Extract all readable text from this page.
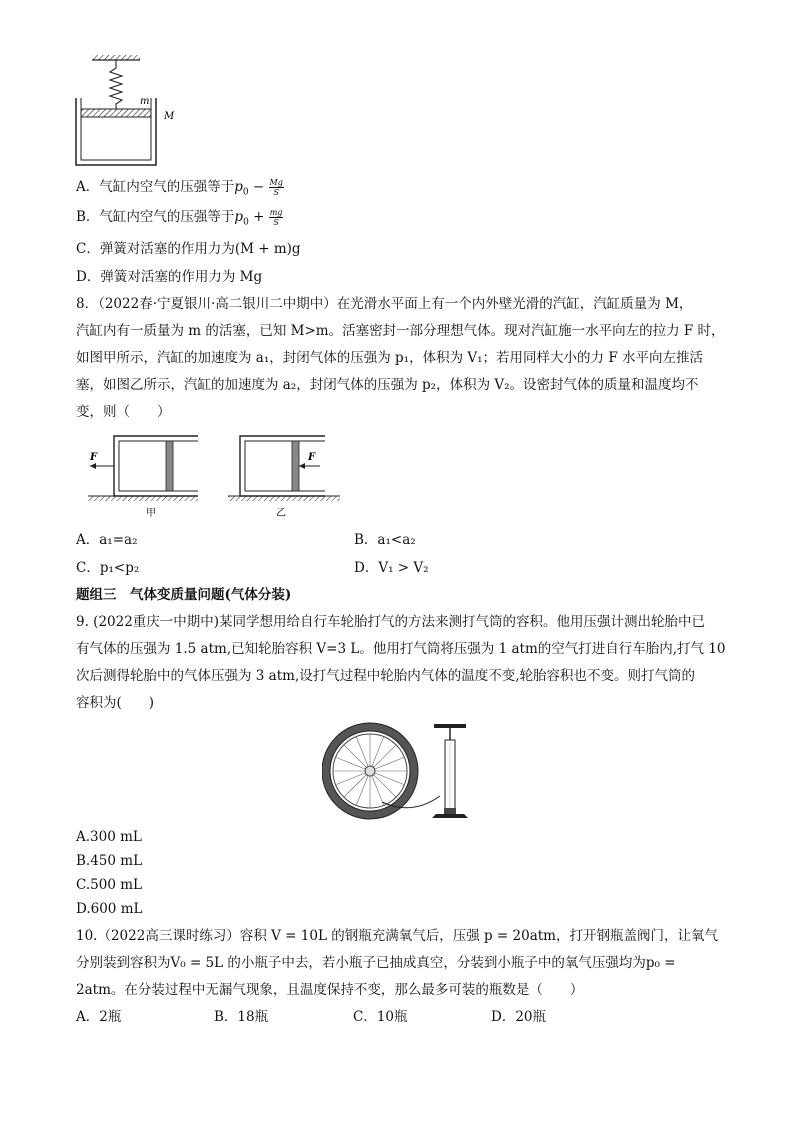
m
M
A．气缸内空气的压强等于$p_0 - \frac{Mg}{S}$
B．气缸内空气的压强等于$p_0 + \frac{mg}{S}$
C．弹簧对活塞的作用力为(M + m)g
D．弹簧对活塞的作用力为 Mg
8．（2022春·宁夏银川·高二银川二中期中）在光滑水平面上有一个内外壁光滑的汽缸，汽缸质量为 M，
汽缸内有一质量为 m 的活塞，已知 M>m。活塞密封一部分理想气体。现对汽缸施一水平向左的拉力 F 时，
如图甲所示，汽缸的加速度为 a₁，封闭气体的压强为 p₁，体积为 V₁；若用同样大小的力 F 水平向左推活
塞，如图乙所示，汽缸的加速度为 a₂，封闭气体的压强为 p₂，体积为 V₂。设密封气体的质量和温度均不
变，则（　　）
F
甲
F
乙
A．a₁=a₂	B．a₁<a₂
C．p₁<p₂	D．V₁ > V₂
题组三　气体变质量问题(气体分装)
9. (2022重庆一中期中)某同学想用给自行车轮胎打气的方法来测打气筒的容积。他用压强计测出轮胎中已
有气体的压强为 1.5 atm,已知轮胎容积 V=3 L。他用打气筒将压强为 1 atm的空气打进自行车胎内,打气 10
次后测得轮胎中的气体压强为 3 atm,设打气过程中轮胎内气体的温度不变,轮胎容积也不变。则打气筒的
容积为(　　)
A.300 mL
B.450 mL
C.500 mL
D.600 mL
10.（2022高三课时练习）容积 V = 10L 的钢瓶充满氧气后，压强 p = 20atm，打开钢瓶盖阀门，让氧气
分别装到容积为V₀ = 5L 的小瓶子中去，若小瓶子已抽成真空，分装到小瓶子中的氧气压强均为p₀ =
2atm。在分装过程中无漏气现象，且温度保持不变，那么最多可装的瓶数是（　　）
A．2瓶	B．18瓶	C．10瓶	D．20瓶
